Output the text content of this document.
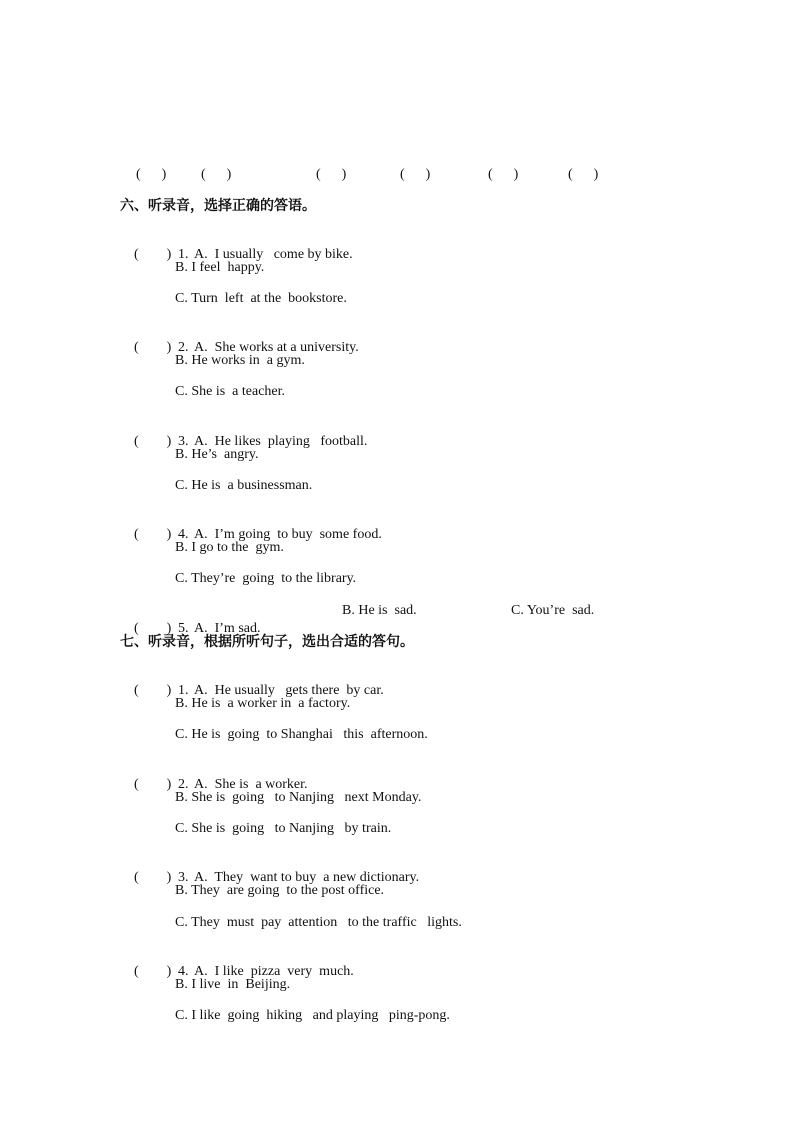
(      ) (      )	(      )	(      )	(      )	(      )
六、听录音，选择正确的答语。

(        ) 1. A.  I usually   come by bike.

B. I feel  happy.
C. Turn  left  at the  bookstore.

(        ) 2. A.  She works at a university.

B. He works in  a gym.
C. She is  a teacher.

(        ) 3. A.  He likes  playing   football.

B. He’s  angry.
C. He is  a businessman.

(        ) 4. A.  I’m going  to buy  some food.

B. I go to the  gym.
C. They’re  going  to the library.

(        ) 5. A.  I’m sad.

B. He is  sad.	C. You’re  sad.
七、听录音，根据所听句子，选出合适的答句。

(        ) 1. A.  He usually   gets there  by car.

B. He is  a worker in  a factory.
C. He is  going  to Shanghai   this  afternoon.

(        ) 2. A.  She is  a worker.

B. She is  going   to Nanjing   next Monday.
C. She is  going   to Nanjing   by train.

(        ) 3. A.  They  want to buy  a new dictionary.

B. They  are going  to the post office.
C. They  must  pay  attention   to the traffic   lights.

(        ) 4. A.  I like  pizza  very  much.

B. I live  in  Beijing.
C. I like  going  hiking   and playing   ping-pong.
